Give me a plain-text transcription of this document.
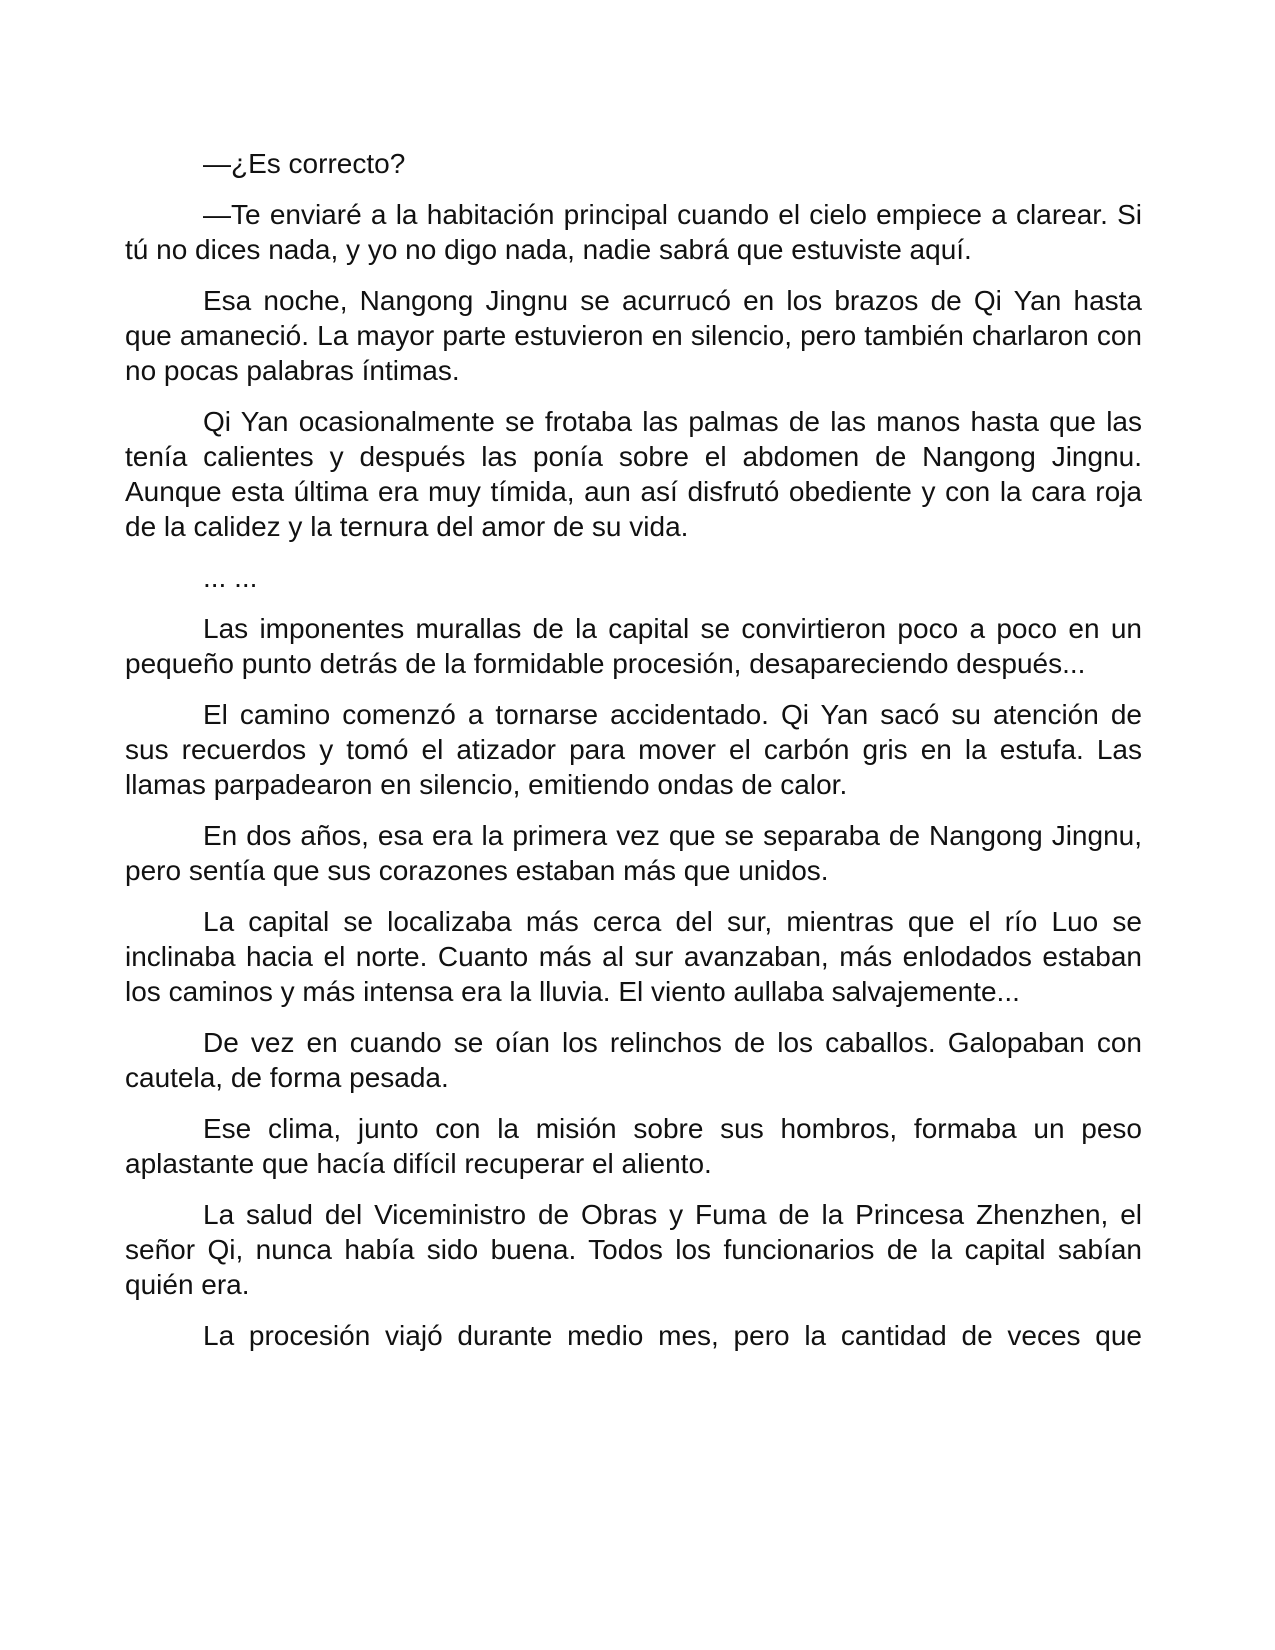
—¿Es correcto?

—Te enviaré a la habitación principal cuando el cielo empiece a clarear. Si tú no dices nada, y yo no digo nada, nadie sabrá que estuviste aquí.

Esa noche, Nangong Jingnu se acurrucó en los brazos de Qi Yan hasta que amaneció. La mayor parte estuvieron en silencio, pero también charlaron con no pocas palabras íntimas.

Qi Yan ocasionalmente se frotaba las palmas de las manos hasta que las tenía calientes y después las ponía sobre el abdomen de Nangong Jingnu. Aunque esta última era muy tímida, aun así disfrutó obediente y con la cara roja de la calidez y la ternura del amor de su vida.

... ...

Las imponentes murallas de la capital se convirtieron poco a poco en un pequeño punto detrás de la formidable procesión, desapareciendo después...

El camino comenzó a tornarse accidentado. Qi Yan sacó su atención de sus recuerdos y tomó el atizador para mover el carbón gris en la estufa. Las llamas parpadearon en silencio, emitiendo ondas de calor.

En dos años, esa era la primera vez que se separaba de Nangong Jingnu, pero sentía que sus corazones estaban más que unidos.

La capital se localizaba más cerca del sur, mientras que el río Luo se inclinaba hacia el norte. Cuanto más al sur avanzaban, más enlodados estaban los caminos y más intensa era la lluvia. El viento aullaba salvajemente...

De vez en cuando se oían los relinchos de los caballos. Galopaban con cautela, de forma pesada.

Ese clima, junto con la misión sobre sus hombros, formaba un peso aplastante que hacía difícil recuperar el aliento.

La salud del Viceministro de Obras y Fuma de la Princesa Zhenzhen, el señor Qi, nunca había sido buena. Todos los funcionarios de la capital sabían quién era.

La procesión viajó durante medio mes, pero la cantidad de veces que
